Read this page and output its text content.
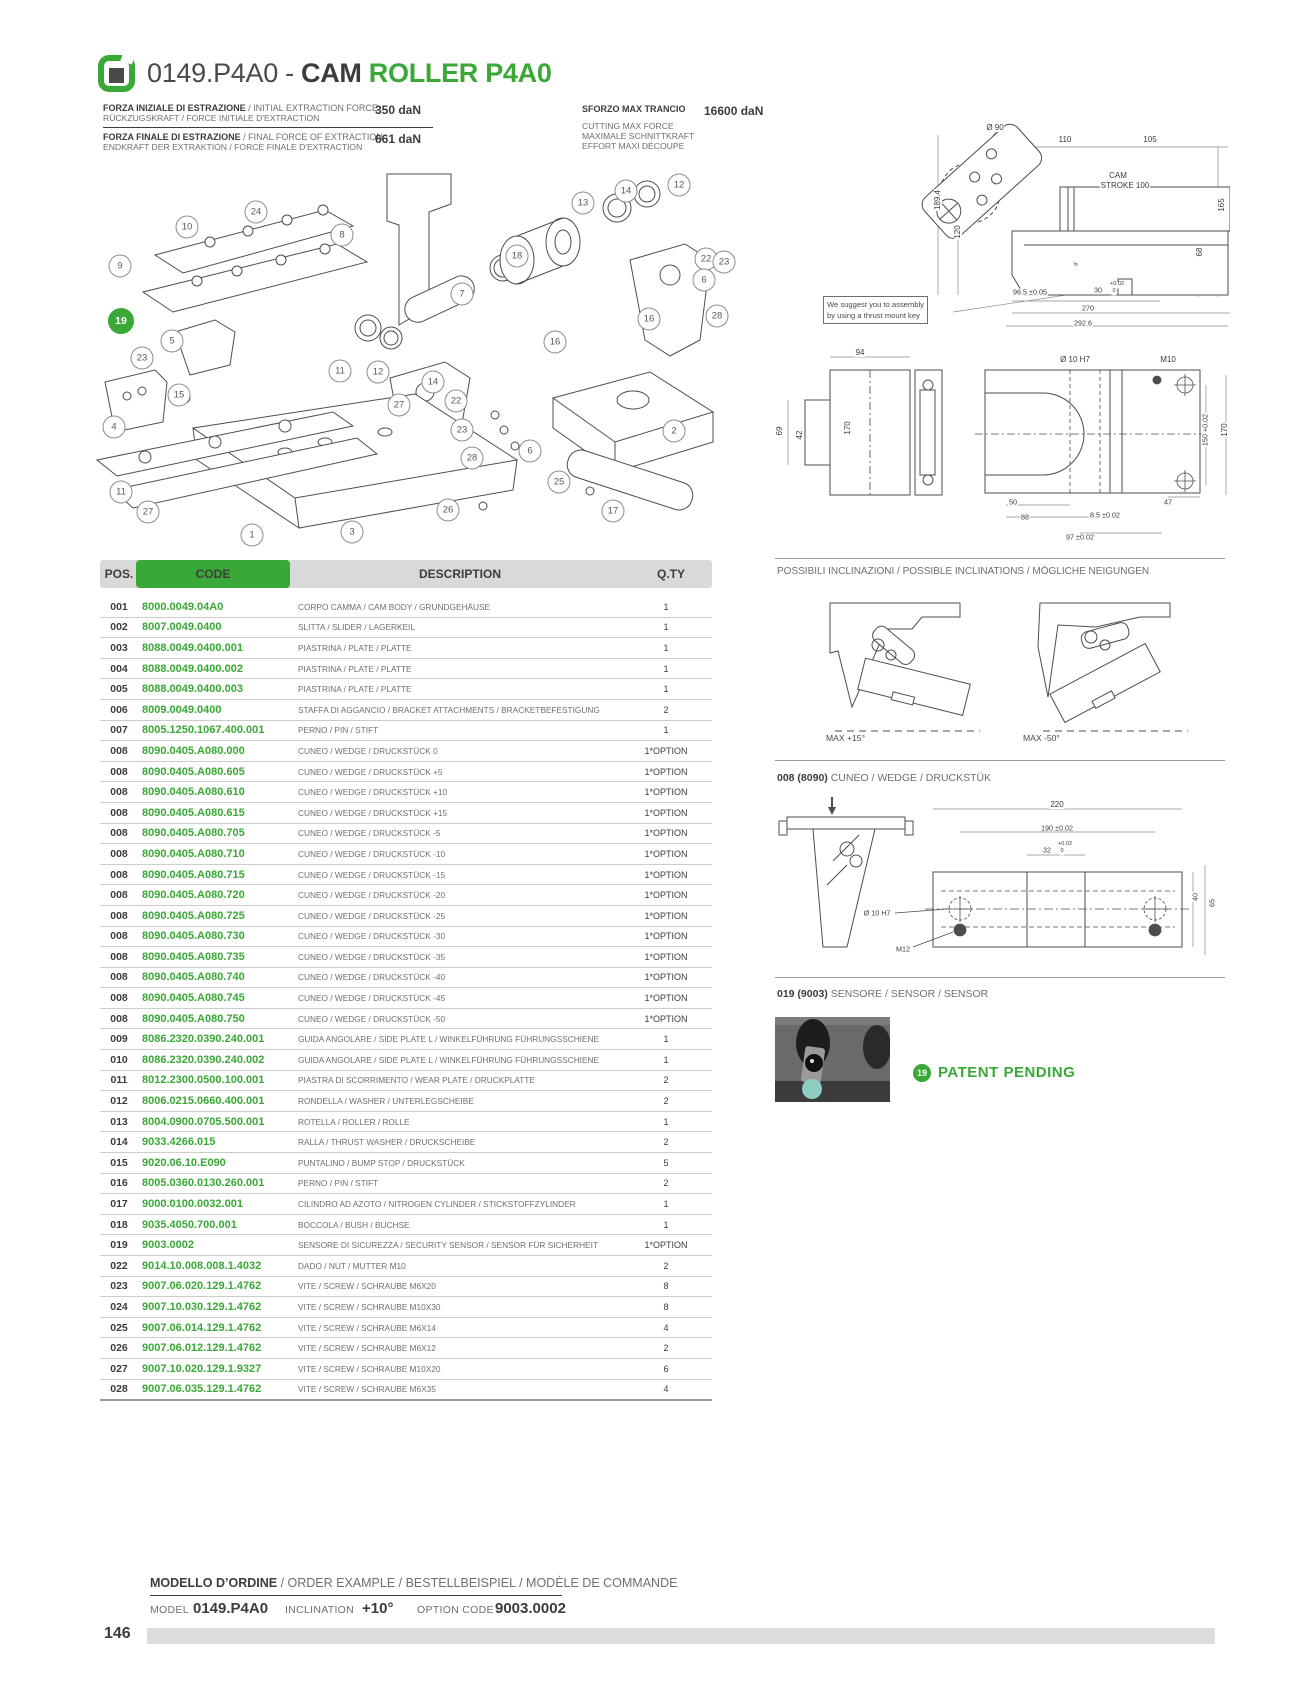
0149.P4A0 - CAM ROLLER P4A0
FORZA INIZIALE DI ESTRAZIONE / INITIAL EXTRACTION FORCE
RÜCKZUGSKRAFT / FORCE INITIALE D'EXTRACTION
350 daN
FORZA FINALE DI ESTRAZIONE / FINAL FORCE OF EXTRACTION
ENDKRAFT DER EXTRAKTION / FORCE FINALE D'EXTRACTION
661 daN
SFORZO MAX TRANCIO	16600 daN
CUTTING MAX FORCE
MAXIMALE SCHNITTKRAFT
EFFORT MAXI DÉCOUPE
10
24
8
9
19
5
23
15
4
11	12
14
27
11
27
1	3
26
13
14
12
18
7
22
6
23
16	28
16
22
23
28
6
2
25
17
We suggest you to assembly
by using a thrust mount key
Ø 90
110	105
CAM
STROKE 100
189.4
120
68
165
96.5 ±0.05	30
+0.02
0
6
270
292.6
94
69 42
170
Ø 10 H7	M10
50
88	8.5 ±0.02
97 ±0.02
47
150 +0.02 170
POSSIBILI INCLINAZIONI / POSSIBLE INCLINATIONS / MÖGLICHE NEIGUNGEN
MAX +15°	MAX -50°
008 (8090) CUNEO / WEDGE / DRUCKSTÜK
220
190 ±0.02
32
+0.02
0
Ø 10 H7
M12
40
65
019 (9003) SENSORE / SENSOR / SENSOR
19 PATENT PENDING
POS.	CODE	DESCRIPTION	Q.TY
001	8000.0049.04A0	CORPO CAMMA / CAM BODY / GRUNDGEHÄUSE	1
002	8007.0049.0400	SLITTA / SLIDER / LAGERKEIL	1
003	8088.0049.0400.001	PIASTRINA / PLATE / PLATTE	1
004	8088.0049.0400.002	PIASTRINA / PLATE / PLATTE	1
005	8088.0049.0400.003	PIASTRINA / PLATE / PLATTE	1
006	8009.0049.0400	STAFFA DI AGGANCIO / BRACKET ATTACHMENTS / BRACKETBEFESTIGUNG	2
007	8005.1250.1067.400.001	PERNO / PIN / STIFT	1
008	8090.0405.A080.000	CUNEO / WEDGE / DRUCKSTÜCK 0	1*OPTION
008	8090.0405.A080.605	CUNEO / WEDGE / DRUCKSTÜCK +5	1*OPTION
008	8090.0405.A080.610	CUNEO / WEDGE / DRUCKSTÜCK +10	1*OPTION
008	8090.0405.A080.615	CUNEO / WEDGE / DRUCKSTÜCK +15	1*OPTION
008	8090.0405.A080.705	CUNEO / WEDGE / DRUCKSTÜCK -5	1*OPTION
008	8090.0405.A080.710	CUNEO / WEDGE / DRUCKSTÜCK -10	1*OPTION
008	8090.0405.A080.715	CUNEO / WEDGE / DRUCKSTÜCK -15	1*OPTION
008	8090.0405.A080.720	CUNEO / WEDGE / DRUCKSTÜCK -20	1*OPTION
008	8090.0405.A080.725	CUNEO / WEDGE / DRUCKSTÜCK -25	1*OPTION
008	8090.0405.A080.730	CUNEO / WEDGE / DRUCKSTÜCK -30	1*OPTION
008	8090.0405.A080.735	CUNEO / WEDGE / DRUCKSTÜCK -35	1*OPTION
008	8090.0405.A080.740	CUNEO / WEDGE / DRUCKSTÜCK -40	1*OPTION
008	8090.0405.A080.745	CUNEO / WEDGE / DRUCKSTÜCK -45	1*OPTION
008	8090.0405.A080.750	CUNEO / WEDGE / DRUCKSTÜCK -50	1*OPTION
009	8086.2320.0390.240.001	GUIDA ANGOLARE / SIDE PLATE L / WINKELFÜHRUNG FÜHRUNGSSCHIENE	1
010	8086.2320.0390.240.002	GUIDA ANGOLARE / SIDE PLATE L / WINKELFÜHRUNG FÜHRUNGSSCHIENE	1
011	8012.2300.0500.100.001	PIASTRA DI SCORRIMENTO / WEAR PLATE / DRUCKPLATTE	2
012	8006.0215.0660.400.001	RONDELLA / WASHER / UNTERLEGSCHEIBE	2
013	8004.0900.0705.500.001	ROTELLA / ROLLER / ROLLE	1
014	9033.4266.015	RALLA / THRUST WASHER / DRUCKSCHEIBE	2
015	9020.06.10.E090	PUNTALINO / BUMP STOP / DRUCKSTÜCK	5
016	8005.0360.0130.260.001	PERNO / PIN / STIFT	2
017	9000.0100.0032.001	CILINDRO AD AZOTO / NITROGEN CYLINDER / STICKSTOFFZYLINDER	1
018	9035.4050.700.001	BOCCOLA / BUSH / BUCHSE	1
019	9003.0002	SENSORE DI SICUREZZA / SECURITY SENSOR / SENSOR FÜR SICHERHEIT	1*OPTION
022	9014.10.008.008.1.4032	DADO / NUT / MUTTER M10	2
023	9007.06.020.129.1.4762	VITE / SCREW / SCHRAUBE M6X20	8
024	9007.10.030.129.1.4762	VITE / SCREW / SCHRAUBE M10X30	8
025	9007.06.014.129.1.4762	VITE / SCREW / SCHRAUBE M6X14	4
026	9007.06.012.129.1.4762	VITE / SCREW / SCHRAUBE M6X12	2
027	9007.10.020.129.1.9327	VITE / SCREW / SCHRAUBE M10X20	6
028	9007.06.035.129.1.4762	VITE / SCREW / SCHRAUBE M6X35	4
MODELLO D’ORDINE / ORDER EXAMPLE / BESTELLBEISPIEL / MODÈLE DE COMMANDE
MODEL 0149.P4A0 INCLINATION +10° OPTION CODE 9003.0002
146
